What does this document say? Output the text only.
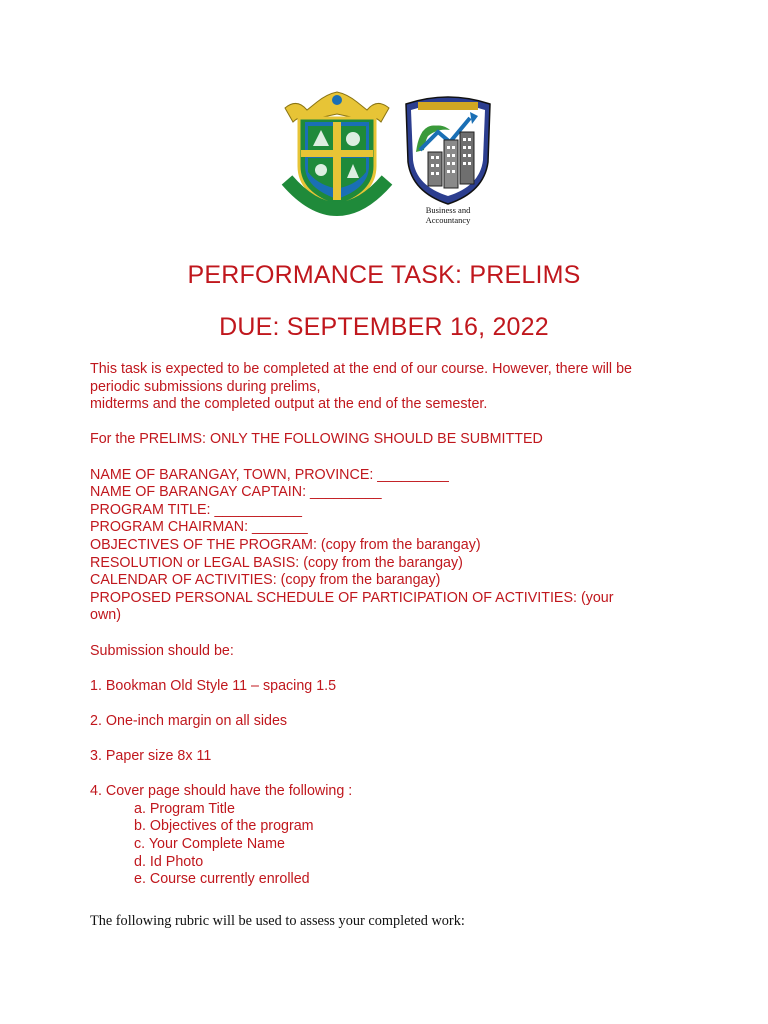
Business and
Accountancy
PERFORMANCE TASK: PRELIMS
DUE: SEPTEMBER 16, 2022
This task is expected to be completed at the end of our course. However, there will be
periodic submissions during prelims,
midterms and the completed output at the end of the semester.

For the PRELIMS: ONLY THE FOLLOWING SHOULD BE SUBMITTED

NAME OF BARANGAY, TOWN, PROVINCE: _________
NAME OF BARANGAY CAPTAIN: _________
PROGRAM TITLE: ___________
PROGRAM CHAIRMAN: _______
OBJECTIVES OF THE PROGRAM: (copy from the barangay)
RESOLUTION or LEGAL BASIS: (copy from the barangay)
CALENDAR OF ACTIVITIES: (copy from the barangay)
PROPOSED PERSONAL SCHEDULE OF PARTICIPATION OF ACTIVITIES: (your
own)

Submission should be:

1. Bookman Old Style 11 – spacing 1.5

2. One-inch margin on all sides

3. Paper size 8x 11

4. Cover page should have the following :
a. Program Title
b. Objectives of the program
c. Your Complete Name
d. Id Photo
e. Course currently enrolled
The following rubric will be used to assess your completed work:
